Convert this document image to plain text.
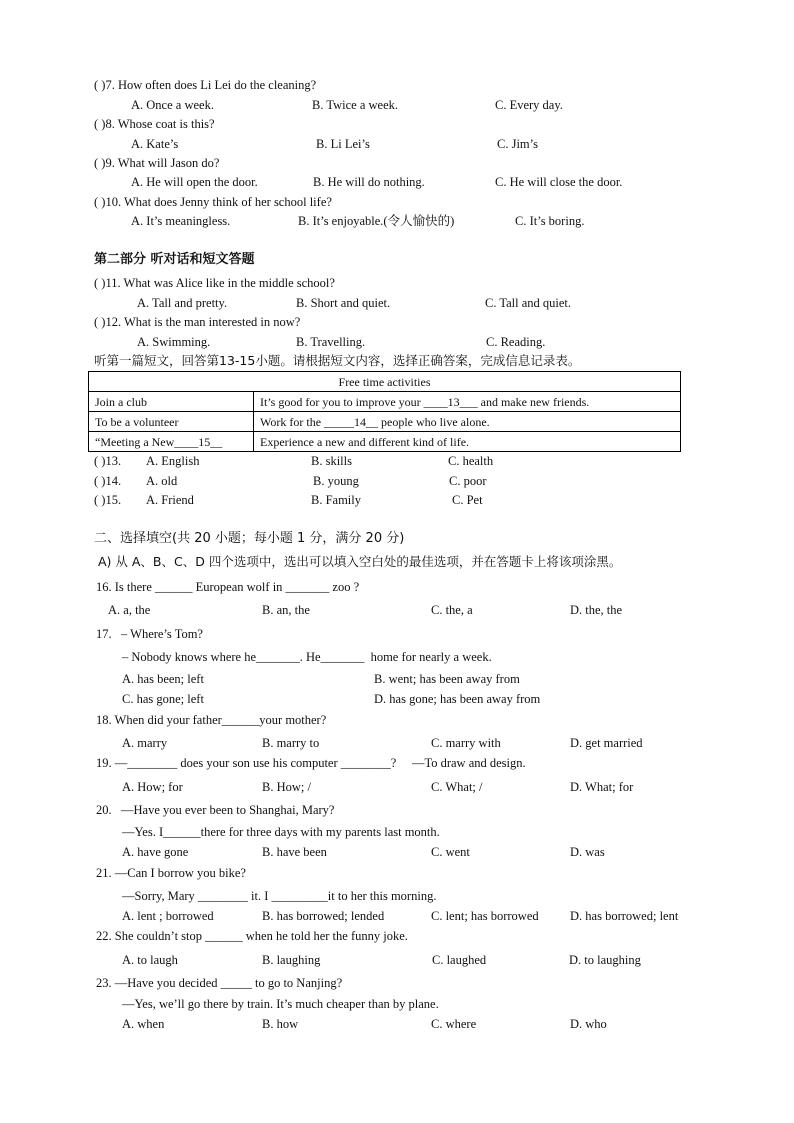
( )7. How often does Li Lei do the cleaning?
A. Once a week.	B. Twice a week.	C. Every day.
( )8. Whose coat is this?
A. Kate’s	B. Li Lei’s	C. Jim’s
( )9. What will Jason do?
A. He will open the door.	B. He will do nothing.	C. He will close the door.
( )10. What does Jenny think of her school life?
A. It’s meaningless.	B. It’s enjoyable.(令人愉快的)	C. It’s boring.
第二部分 听对话和短文答题
( )11. What was Alice like in the middle school?
A. Tall and pretty.	B. Short and quiet.	C. Tall and quiet.
( )12. What is the man interested in now?
A. Swimming.	B. Travelling.	C. Reading.
听第一篇短文，回答第13-15小题。请根据短文内容，选择正确答案，完成信息记录表。
Free time activities	
Join a club	It’s good for you to improve your ____13___ and make new friends.
To be a volunteer	Work for the _____14__ people who live alone.
“Meeting a New____15__	Experience a new and different kind of life.
( )13. A. English	B. skills	C. health
( )14. A. old	B. young	C. poor
( )15. A. Friend	B. Family	C. Pet
二、选择填空(共 20 小题；每小题 1 分，满分 20 分)
A) 从 A、B、C、D 四个选项中，选出可以填入空白处的最佳选项，并在答题卡上将该项涂黑。
16. Is there ______ European wolf in _______ zoo ?
A. a, the	B. an, the	C. the, a	D. the, the
17.   – Where’s Tom?
– Nobody knows where he_______. He_______  home for nearly a week.
A. has been; left	B. went; has been away from
C. has gone; left	D. has gone; has been away from
18. When did your father______your mother?
A. marry	B. marry to	C. marry with	D. get married
19. —________ does your son use his computer ________?     —To draw and design.
A. How; for	B. How; /	C. What; /	D. What; for
20.   —Have you ever been to Shanghai, Mary?
—Yes. I______there for three days with my parents last month.
A. have gone	B. have been	C. went	D. was
21. —Can I borrow you bike?
—Sorry, Mary ________ it. I _________it to her this morning.
A. lent ; borrowed	B. has borrowed; lended	C. lent; has borrowed	D. has borrowed; lent
22. She couldn’t stop ______ when he told her the funny joke.
A. to laugh	B. laughing	C. laughed	D. to laughing
23. —Have you decided _____ to go to Nanjing?
—Yes, we’ll go there by train. It’s much cheaper than by plane.
A. when	B. how	C. where	D. who
